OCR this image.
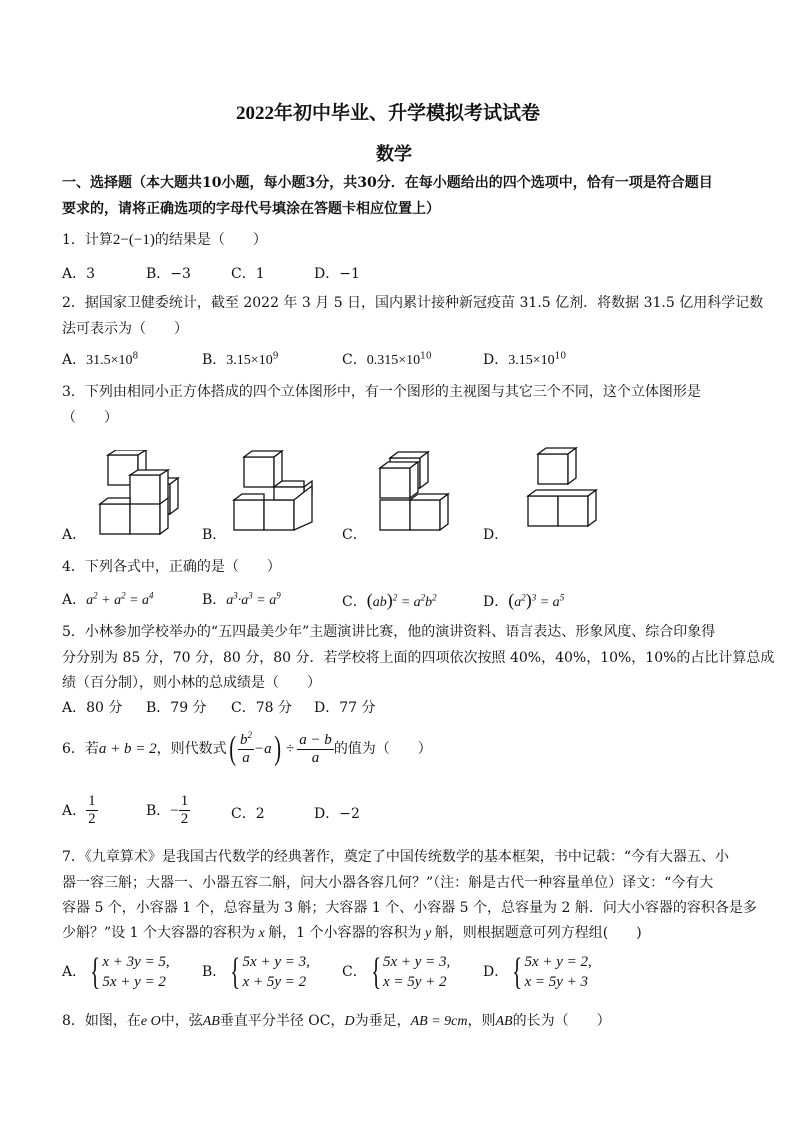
2022年初中毕业、升学模拟考试试卷
数学
一、选择题（本大题共10小题，每小题3分，共30分．在每小题给出的四个选项中，恰有一项是符合题目
要求的，请将正确选项的字母代号填涂在答题卡相应位置上）
1．计算2−(−1)的结果是（　　）
A．3	B．−3	C．1	D．−1
2．据国家卫健委统计，截至 2022 年 3 月 5 日，国内累计接种新冠疫苗 31.5 亿剂．将数据 31.5 亿用科学记数
法可表示为（　　）
A．$31.5\times 10^8$	B．$3.15\times 10^9$	C．$0.315\times 10^{10}$	D．$3.15\times 10^{10}$
3．下列由相同小正方体搭成的四个立体图形中，有一个图形的主视图与其它三个不同，这个立体图形是
（　　）
A．	B．	C．	D．
4．下列各式中，正确的是（　　）
A．$a^2 + a^2 = a^4$	B．$a^3\cdot a^3 = a^9$	C．$(ab)^2 = a^2b^2$	D．$(a^2)^3 = a^5$
5．小林参加学校举办的“五四最美少年”主题演讲比赛，他的演讲资料、语言表达、形象风度、综合印象得
分分别为 85 分，70 分，80 分，80 分．若学校将上面的四项依次按照 40%，40%，10%，10%的占比计算总成
绩（百分制），则小林的总成绩是（　　）
A．80 分 B．79 分 C．78 分 D．77 分
6．若 a + b = 2 ，则代数式 ( $\frac{b^2}{a} -a$ ) ÷ $\frac{a - b}{a}$ 的值为（　　）
A． $\frac{1}{2}$	B． − $\frac{1}{2}$	C．2	D．−2
7．《九章算术》是我国古代数学的经典著作，奠定了中国传统数学的基本框架，书中记载：“今有大器五、小
器一容三斛；大器一、小器五容二斛，问大小器各容几何？”（注：斛是古代一种容量单位）译文：“今有大
容器 5 个，小容器 1 个，总容量为 3 斛；大容器 1 个、小容器 5 个，总容量为 2 斛．问大小容器的容积各是多
少斛？”设 1 个大容器的容积为 x 斛，1 个小容器的容积为 y 斛，则根据题意可列方程组(　　)
A． { x + 3y = 5,
5x + y = 2
B． { 5x + y = 3,
x + 5y = 2
C． { 5x + y = 3,
x = 5y + 2
D． { 5x + y = 2,
x = 5y + 3
8．如图，在e O中，弦AB垂直平分半径 OC，D为垂足，AB = 9cm，则AB的长为（　　）
